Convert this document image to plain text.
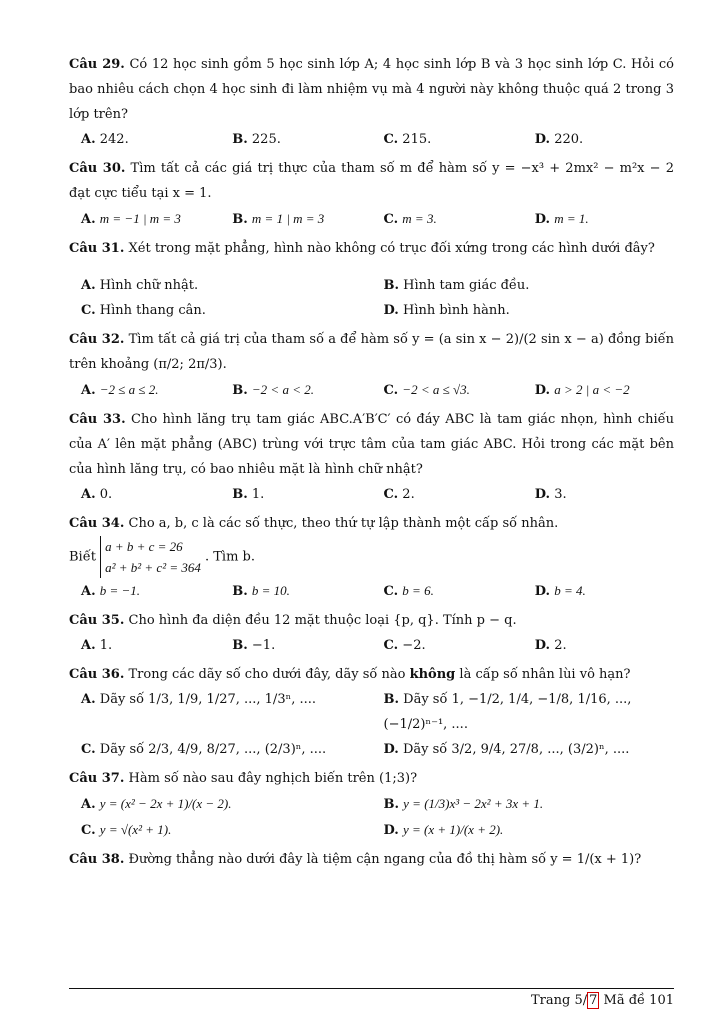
Câu 29. Có 12 học sinh gồm 5 học sinh lớp A; 4 học sinh lớp B và 3 học sinh lớp C. Hỏi có bao nhiêu cách chọn 4 học sinh đi làm nhiệm vụ mà 4 người này không thuộc quá 2 trong 3 lớp trên?
A. 242.	B. 225.	C. 215.	D. 220.
Câu 30. Tìm tất cả các giá trị thực của tham số m để hàm số y = −x³ + 2mx² − m²x − 2 đạt cực tiểu tại x = 1.
A. m = −1 | m = 3	B. m = 1 | m = 3	C. m = 3.	D. m = 1.
Câu 31. Xét trong mặt phẳng, hình nào không có trục đối xứng trong các hình dưới đây?
A. Hình chữ nhật.	B. Hình tam giác đều.
C. Hình thang cân.	D. Hình bình hành.
Câu 32. Tìm tất cả giá trị của tham số a để hàm số y = (a sin x − 2)/(2 sin x − a) đồng biến trên khoảng (π/2; 2π/3).
A. −2 ≤ a ≤ 2.	B. −2 < a < 2.	C. −2 < a ≤ √3.	D. a > 2 | a < −2
Câu 33. Cho hình lăng trụ tam giác ABC.A′B′C′ có đáy ABC là tam giác nhọn, hình chiếu của A′ lên mặt phẳng (ABC) trùng với trực tâm của tam giác ABC. Hỏi trong các mặt bên của hình lăng trụ, có bao nhiêu mặt là hình chữ nhật?
A. 0.	B. 1.	C. 2.	D. 3.
Câu 34. Cho a, b, c là các số thực, theo thứ tự lập thành một cấp số nhân.
Biết
a + b + c = 26
a² + b² + c² = 364
. Tìm b.
A. b = −1.	B. b = 10.	C. b = 6.	D. b = 4.
Câu 35. Cho hình đa diện đều 12 mặt thuộc loại {p, q}. Tính p − q.
A. 1.	B. −1.	C. −2.	D. 2.
Câu 36. Trong các dãy số cho dưới đây, dãy số nào không là cấp số nhân lùi vô hạn?
A. Dãy số 1/3, 1/9, 1/27, ..., 1/3ⁿ, ....	B. Dãy số 1, −1/2, 1/4, −1/8, 1/16, ..., (−1/2)ⁿ⁻¹, ....
C. Dãy số 2/3, 4/9, 8/27, ..., (2/3)ⁿ, ....	D. Dãy số 3/2, 9/4, 27/8, ..., (3/2)ⁿ, ....
Câu 37. Hàm số nào sau đây nghịch biến trên (1;3)?
A. y = (x² − 2x + 1)/(x − 2).	B. y = (1/3)x³ − 2x² + 3x + 1.
C. y = √(x² + 1).	D. y = (x + 1)/(x + 2).
Câu 38. Đường thẳng nào dưới đây là tiệm cận ngang của đồ thị hàm số y = 1/(x + 1)?
Trang 5/ 7 Mã đề 101
